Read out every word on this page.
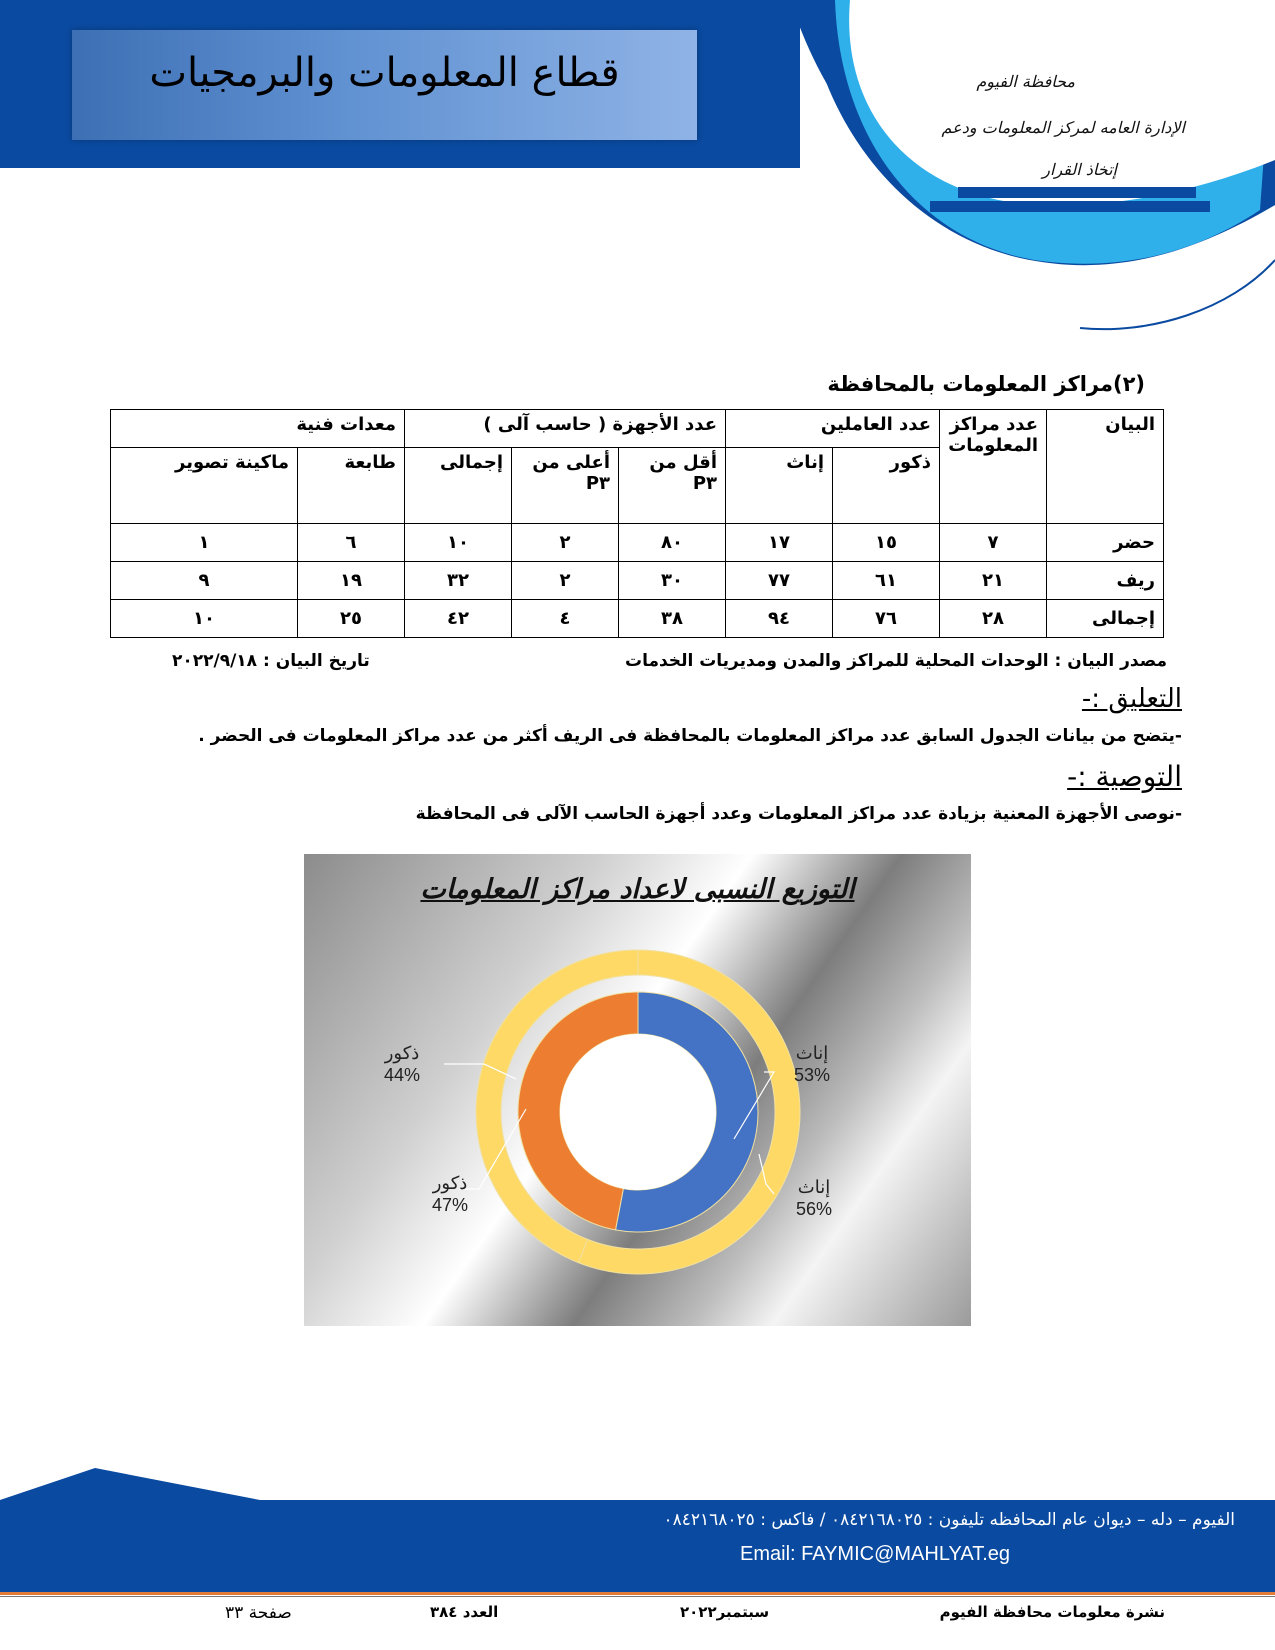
قطاع المعلومات والبرمجيات	محافظة الفيوم
الإدارة العامه لمركز المعلومات ودعم
إتخاذ القرار
(٢)مراكز المعلومات بالمحافظة
البيان	عدد مراكز المعلومات	عدد العاملين		عدد الأجهزة ( حاسب آلى )			معدات فنية	
		ذكور	إناث	أقل من P٣	أعلى من P٣	إجمالى	طابعة	ماكينة تصوير
حضر	٧	١٥	١٧	٨٠	٢	١٠	٦	١
ريف	٢١	٦١	٧٧	٣٠	٢	٣٢	١٩	٩
إجمالى	٢٨	٧٦	٩٤	٣٨	٤	٤٢	٢٥	١٠
مصدر البيان : الوحدات المحلية للمراكز والمدن ومديريات الخدمات
تاريخ البيان : ٢٠٢٢/٩/١٨
التعليق :-
-يتضح من بيانات الجدول السابق عدد مراكز المعلومات بالمحافظة فى الريف أكثر من عدد مراكز المعلومات فى الحضر .
التوصية :-
-نوصى الأجهزة المعنية بزيادة عدد مراكز المعلومات وعدد أجهزة الحاسب الآلى فى المحافظة
التوزيع النسبى لاعداد مراكز المعلومات
إناث
53%
إناث
56%
ذكور
44%
ذكور
47%
الفيوم – دله – ديوان عام المحافظه تليفون : ٠٨٤٢١٦٨٠٢٥ / فاكس : ٠٨٤٢١٦٨٠٢٥
Email: FAYMIC@MAHLYAT.eg
نشرة معلومات محافظة الفيوم
سبتمبر٢٠٢٢
العدد ٣٨٤
صفحة ٣٣
